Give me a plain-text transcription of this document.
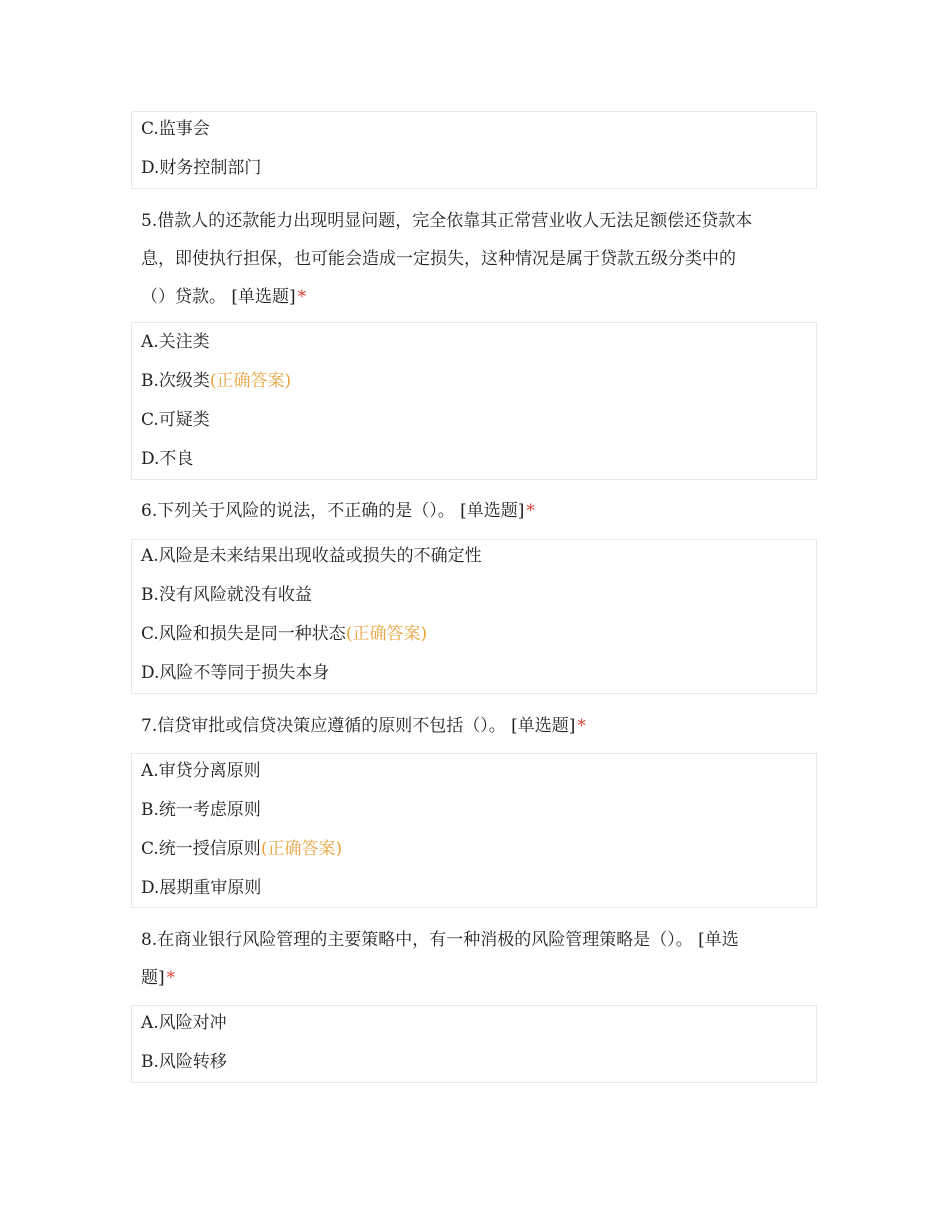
C.监事会
D.财务控制部门
5.借款人的还款能力出现明显问题，完全依靠其正常营业收人无法足额偿还贷款本
息，即使执行担保，也可能会造成一定损失，这种情况是属于贷款五级分类中的
（）贷款。 [单选题] *
A.关注类
B.次级类(正确答案)
C.可疑类
D.不良
6.下列关于风险的说法，不正确的是（）。 [单选题] *
A.风险是未来结果出现收益或损失的不确定性
B.没有风险就没有收益
C.风险和损失是同一种状态(正确答案)
D.风险不等同于损失本身
7.信贷审批或信贷决策应遵循的原则不包括（）。 [单选题] *
A.审贷分离原则
B.统一考虑原则
C.统一授信原则(正确答案)
D.展期重审原则
8.在商业银行风险管理的主要策略中，有一种消极的风险管理策略是（）。 [单选
题] *
A.风险对冲
B.风险转移
